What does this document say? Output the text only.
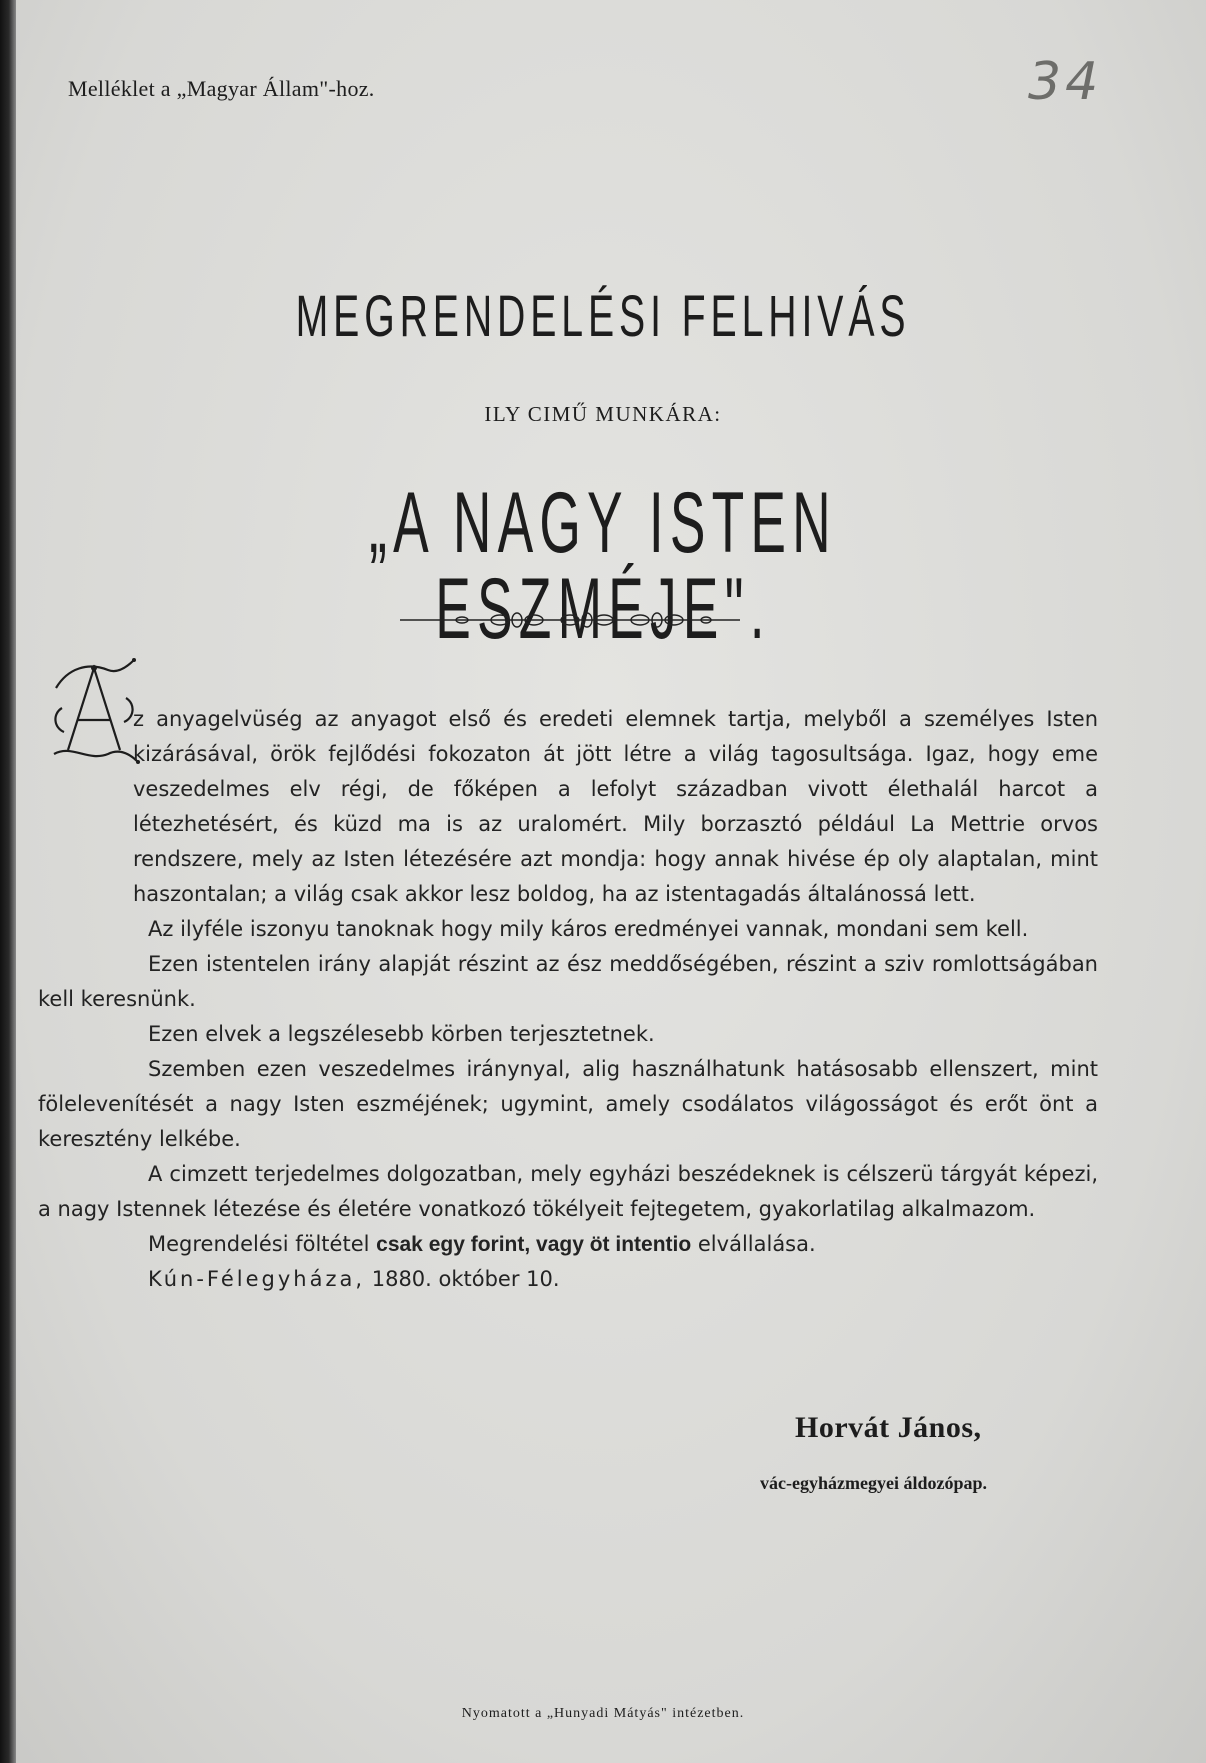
Melléklet a „Magyar Állam"-hoz.	34
MEGRENDELÉSI FELHIVÁS
ILY CIMŰ MUNKÁRA:
„A NAGY ISTEN ESZMÉJE".

z anyagelvüség az anyagot első és eredeti elemnek tartja, melyből a személyes Isten kizárásával, örök fejlődési fokozaton át jött létre a világ tagosultsága. Igaz, hogy eme veszedelmes elv régi, de főképen a lefolyt században vivott élethalál harcot a létezhetésért, és küzd ma is az uralomért. Mily borzasztó például La Mettrie orvos rendszere, mely az Isten létezésére azt mondja: hogy annak hivése ép oly alaptalan, mint haszontalan; a világ csak akkor lesz boldog, ha az istentagadás általánossá lett.

Az ilyféle iszonyu tanoknak hogy mily káros eredményei vannak, mondani sem kell.

Ezen istentelen irány alapját részint az ész meddőségében, részint a sziv romlottságában kell keresnünk.

Ezen elvek a legszélesebb körben terjesztetnek.

Szemben ezen veszedelmes iránynyal, alig használhatunk hatásosabb ellenszert, mint fölelevenítését a nagy Isten eszméjének; ugymint, amely csodálatos világosságot és erőt önt a keresztény lelkébe.

A cimzett terjedelmes dolgozatban, mely egyházi beszédeknek is célszerü tárgyát képezi, a nagy Istennek létezése és életére vonatkozó tökélyeit fejtegetem, gyakorlatilag alkalmazom.

Megrendelési föltétel csak egy forint, vagy öt intentio elvállalása.

Kún-Félegyháza, 1880. október 10.

Horvát János,
vác-egyházmegyei áldozópap.
Nyomatott a „Hunyadi Mátyás" intézetben.
